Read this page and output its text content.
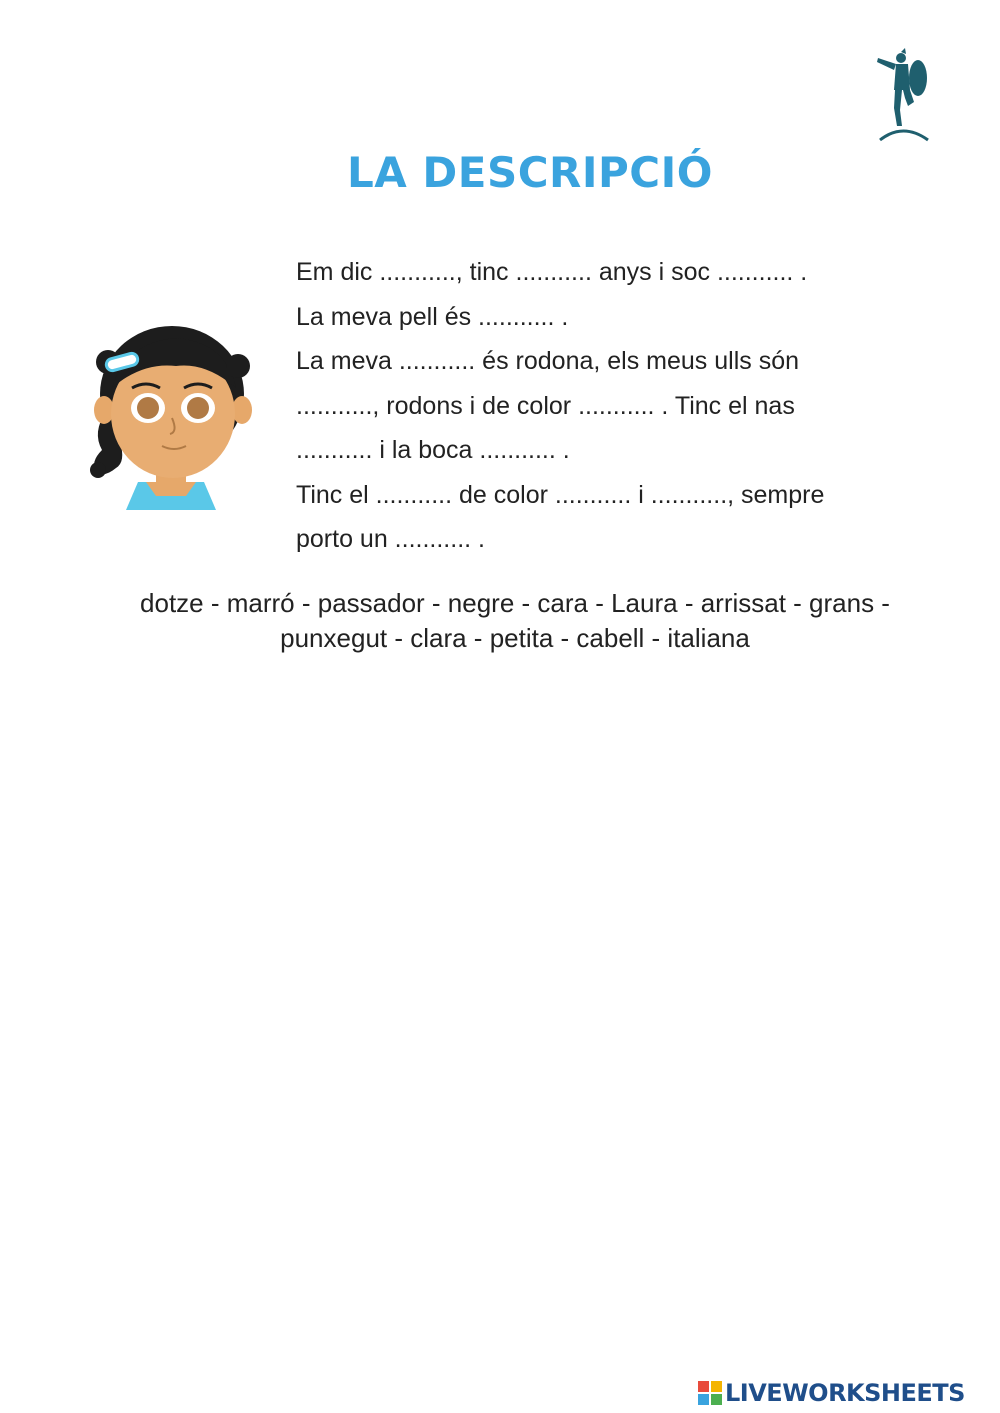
LA DESCRIPCIÓ
Em dic ..........., tinc ........... anys i soc ........... .
La meva pell és ........... .
La meva ........... és rodona, els meus ulls són
..........., rodons i de color ........... . Tinc el nas
........... i la boca ........... .
Tinc el ........... de color ........... i ..........., sempre
porto un ........... .
dotze - marró - passador - negre - cara - Laura - arrissat - grans -
punxegut - clara - petita - cabell - italiana
LIVEWORKSHEETS
